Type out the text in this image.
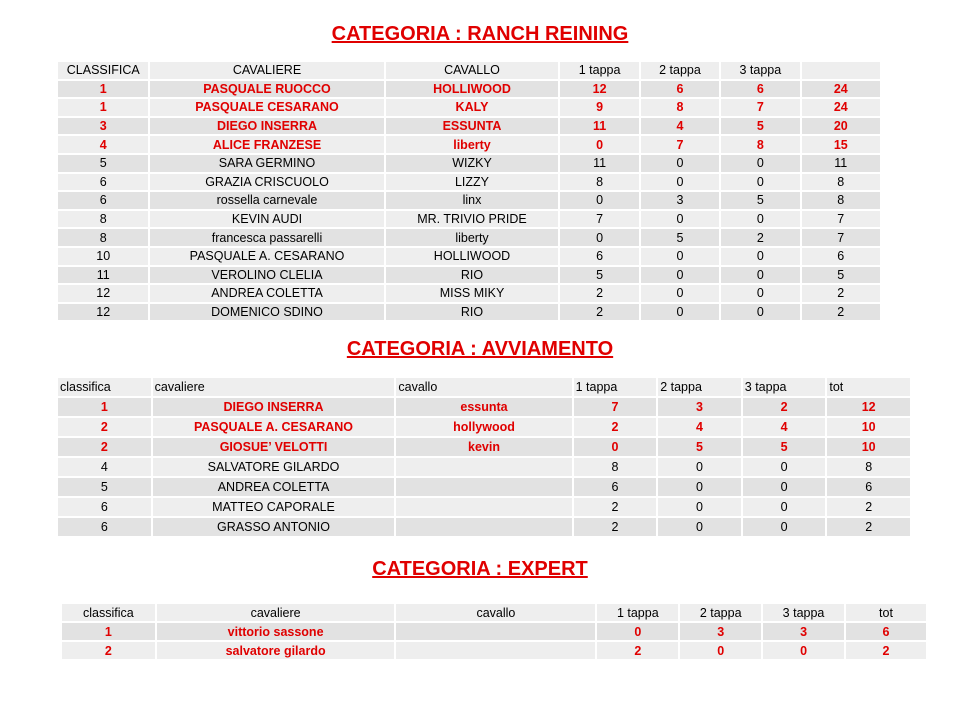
CATEGORIA : RANCH REINING
CLASSIFICA	CAVALIERE	CAVALLO	1 tappa	2 tappa	3 tappa	
1	PASQUALE RUOCCO	HOLLIWOOD	12	6	6	24
1	PASQUALE CESARANO	KALY	9	8	7	24
3	DIEGO INSERRA	ESSUNTA	11	4	5	20
4	ALICE FRANZESE	liberty	0	7	8	15
5	SARA GERMINO	WIZKY	11	0	0	11
6	GRAZIA CRISCUOLO	LIZZY	8	0	0	8
6	rossella carnevale	linx	0	3	5	8
8	KEVIN AUDI	MR. TRIVIO PRIDE	7	0	0	7
8	francesca passarelli	liberty	0	5	2	7
10	PASQUALE A. CESARANO	HOLLIWOOD	6	0	0	6
11	VEROLINO CLELIA	RIO	5	0	0	5
12	ANDREA COLETTA	MISS MIKY	2	0	0	2
12	DOMENICO SDINO	RIO	2	0	0	2
CATEGORIA : AVVIAMENTO
classifica	cavaliere	cavallo	1 tappa	2 tappa	3 tappa	tot
1	DIEGO INSERRA	essunta	7	3	2	12
2	PASQUALE A. CESARANO	hollywood	2	4	4	10
2	GIOSUE’ VELOTTI	kevin	0	5	5	10
4	SALVATORE GILARDO		8	0	0	8
5	ANDREA COLETTA		6	0	0	6
6	MATTEO CAPORALE		2	0	0	2
6	GRASSO ANTONIO		2	0	0	2
CATEGORIA : EXPERT
classifica	cavaliere	cavallo	1 tappa	2 tappa	3 tappa	tot
1	vittorio sassone		0	3	3	6
2	salvatore gilardo		2	0	0	2
